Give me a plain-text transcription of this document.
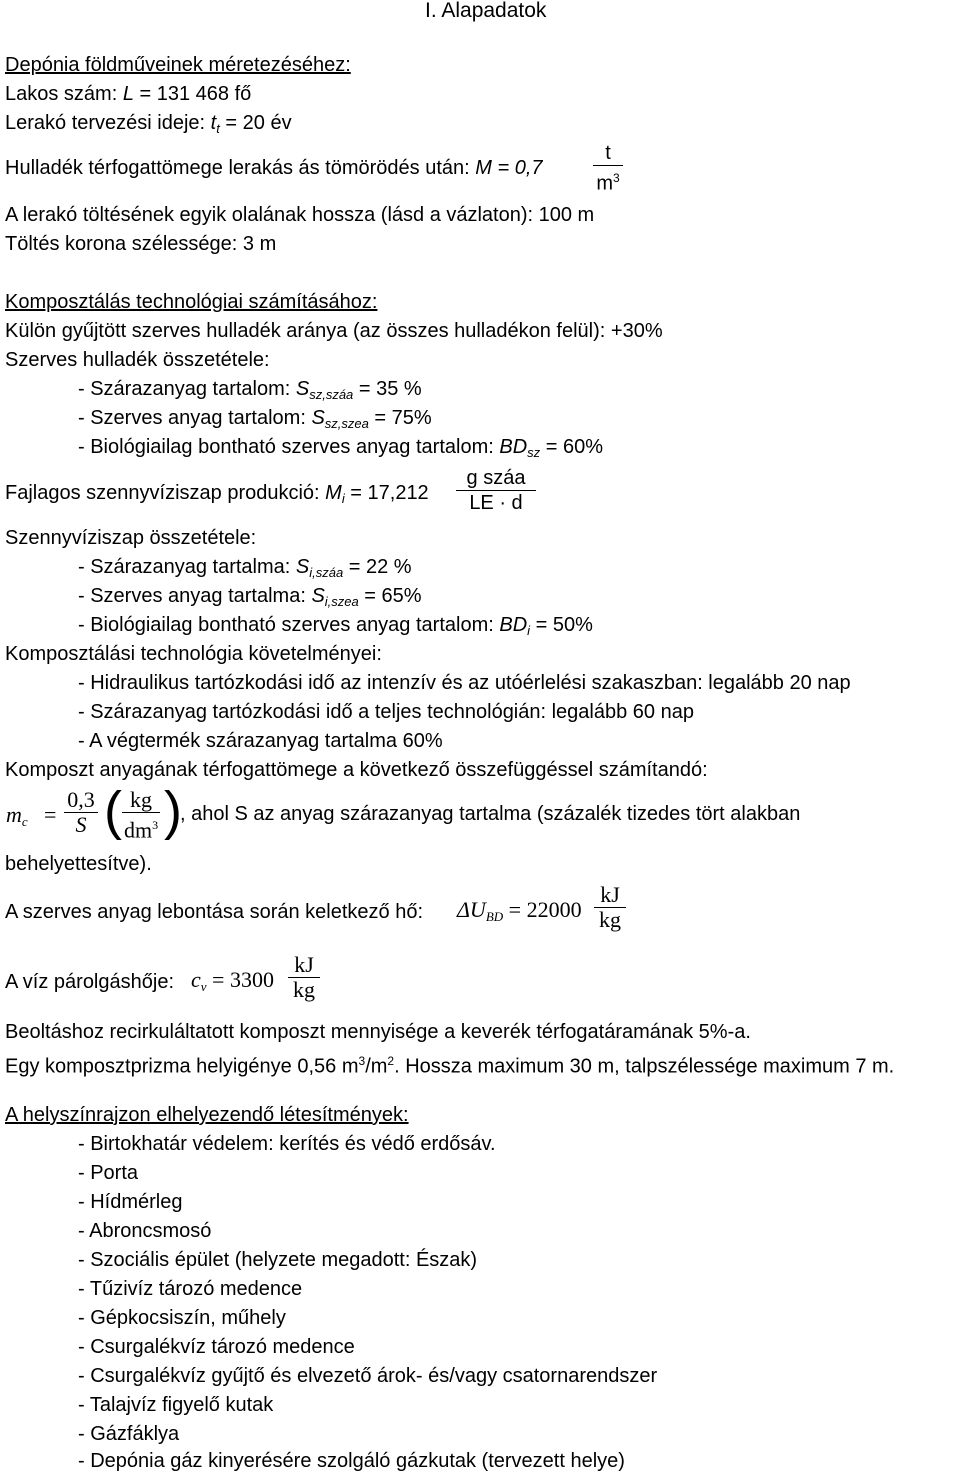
I. Alapadatok
Depónia földműveinek méretezéséhez:
Lakos szám: L = 131 468 fő
Lerakó tervezési ideje: $t_t = 20$ év
Hulladék térfogattömege lerakás ás tömörödés után: M = 0,7
t
$m^3$
A lerakó töltésének egyik olalának hossza (lásd a vázlaton): 100 m
Töltés korona szélessége: 3 m
Komposztálás technológiai számításához:
Külön gyűjtött szerves hulladék aránya (az összes hulladékon felül): +30%
Szerves hulladék összetétele:
- Szárazanyag tartalom: $S_{sz,száa} = 35$ %
- Szerves anyag tartalom: $S_{sz,szea} = 75\%$
- Biológiailag bontható szerves anyag tartalom: $BD_{sz} = 60\%$
Fajlagos szennyvíziszap produkció: $M_i = 17,212$
g száa
LE · d
Szennyvíziszap összetétele:
- Szárazanyag tartalma: $S_{i,száa} = 22$ %
- Szerves anyag tartalma: $S_{i,szea} = 65\%$
- Biológiailag bontható szerves anyag tartalom: $BD_i = 50\%$
Komposztálási technológia követelményei:
- Hidraulikus tartózkodási idő az intenzív és az utóérlelési szakaszban: legalább 20 nap
- Szárazanyag tartózkodási idő a teljes technológián: legalább 60 nap
- A végtermék szárazanyag tartalma 60%
Komposzt anyagának térfogattömege a következő összefüggéssel számítandó:
$m_c$ =
0,3
S ( kg
$dm^3$ )
, ahol S az anyag szárazanyag tartalma (százalék tizedes tört alakban
behelyettesítve).
A szerves anyag lebontása során keletkező hő: $\Delta U_{BD} = 22000$
kJ
kg
A víz párolgáshője: $c_v = 3300$
kJ
kg
Beoltáshoz recirkuláltatott komposzt mennyisége a keverék térfogatáramának 5%-a.
Egy komposztprizma helyigénye 0,56 $m^3/m^2$. Hossza maximum 30 m, talpszélessége maximum 7 m.
A helyszínrajzon elhelyezendő létesítmények:
- Birtokhatár védelem: kerítés és védő erdősáv.
- Porta
- Hídmérleg
- Abroncsmosó
- Szociális épület (helyzete megadott: Észak)
- Tűzivíz tározó medence
- Gépkocsiszín, műhely
- Csurgalékvíz tározó medence
- Csurgalékvíz gyűjtő és elvezető árok- és/vagy csatornarendszer
- Talajvíz figyelő kutak
- Gázfáklya
- Depónia gáz kinyerésére szolgáló gázkutak (tervezett helye)
